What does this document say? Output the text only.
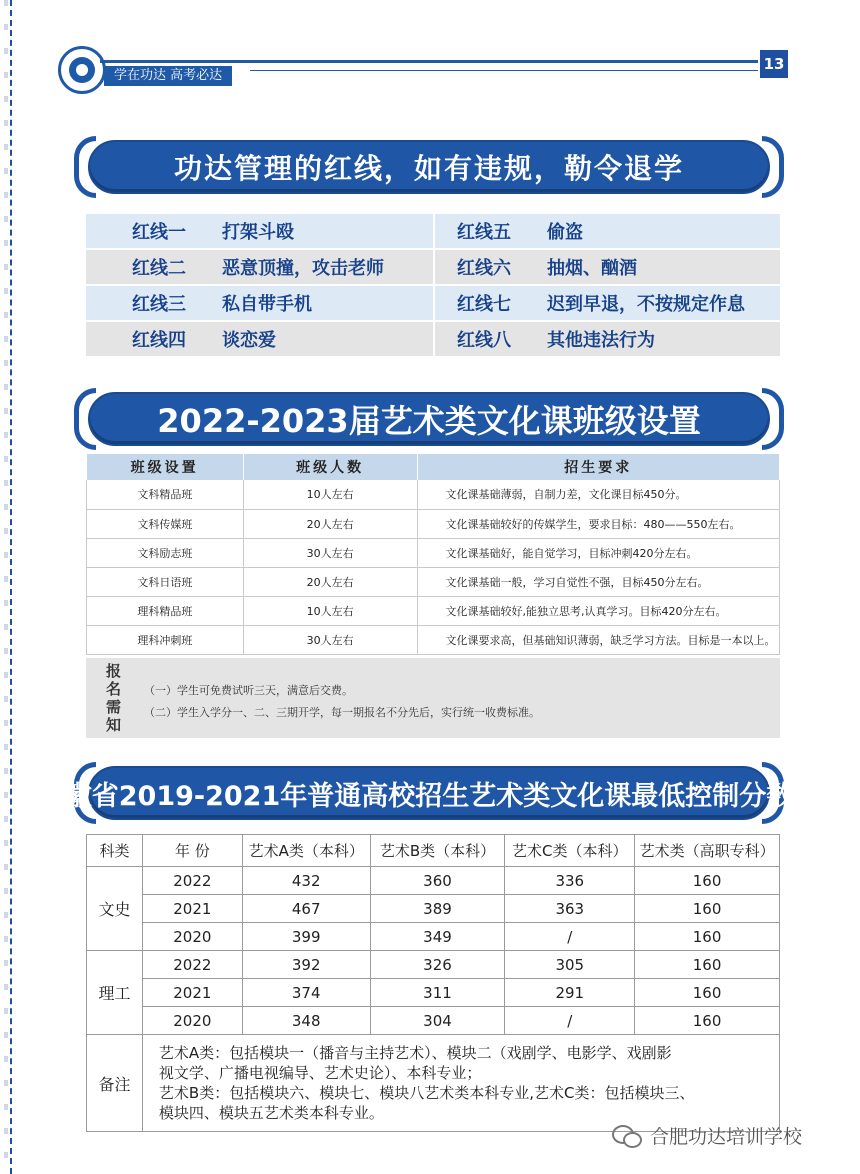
学在功达 高考必达
13
功达管理的红线，如有违规，勒令退学
红线一	打架斗殴	红线五	偷盗
红线二	恶意顶撞，攻击老师	红线六	抽烟、酗酒
红线三	私自带手机	红线七	迟到早退，不按规定作息
红线四	谈恋爱	红线八	其他违法行为
2022-2023届艺术类文化课班级设置
班级设置	班级人数	招生要求
文科精品班	10人左右	文化课基础薄弱，自制力差，文化课目标450分。
文科传媒班	20人左右	文化课基础较好的传媒学生，要求目标：480——550左右。
文科励志班	30人左右	文化课基础好，能自觉学习，目标冲刺420分左右。
文科日语班	20人左右	文化课基础一般，学习自觉性不强，目标450分左右。
理科精品班	10人左右	文化课基础较好,能独立思考,认真学习。目标420分左右。
理科冲刺班	30人左右	文化课要求高，但基础知识薄弱，缺乏学习方法。目标是一本以上。
报
名
需
知
（一）学生可免费试听三天，满意后交费。
（二）学生入学分一、二、三期开学，每一期报名不分先后，实行统一收费标准。
安徽省2019-2021年普通高校招生艺术类文化课最低控制分数线
科类	年 份	艺术A类（本科）	艺术B类（本科）	艺术C类（本科）	艺术类（高职专科）
文史	2022	432	360	336	160
	2021	467	389	363	160
	2020	399	349	/	160
理工	2022	392	326	305	160
	2021	374	311	291	160
	2020	348	304	/	160
备注	艺术A类：包括模块一（播音与主持艺术）、模块二（戏剧学、电影学、戏剧影
视文学、广播电视编导、艺术史论）、本科专业；
艺术B类：包括模块六、模块七、模块八艺术类本科专业,艺术C类：包括模块三、
模块四、模块五艺术类本科专业。				
合肥功达培训学校
